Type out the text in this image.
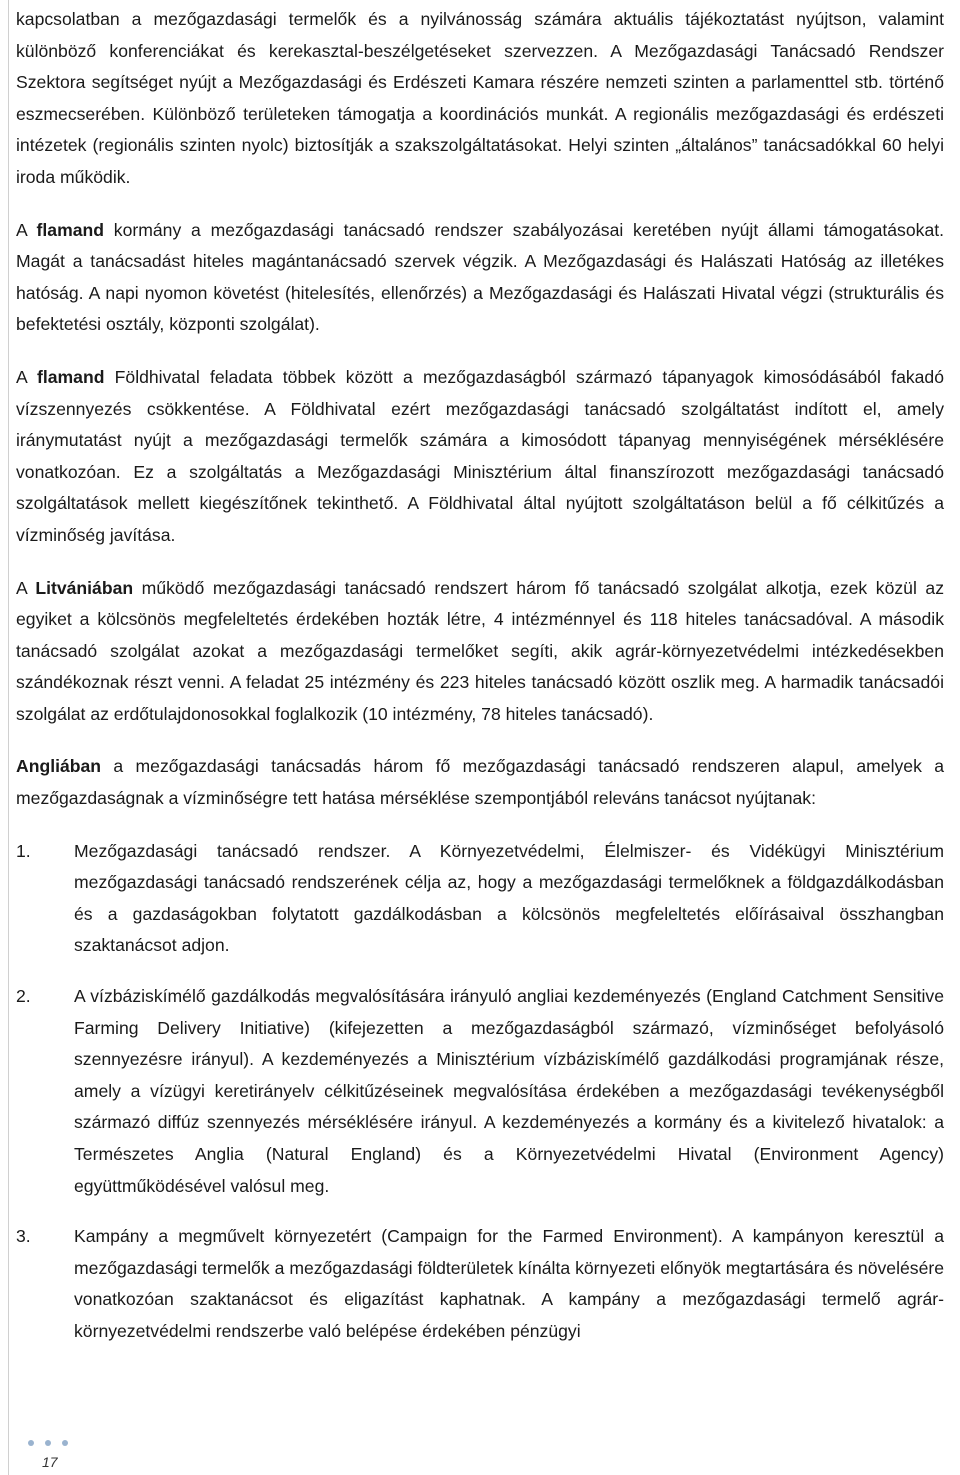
kapcsolatban a mezőgazdasági termelők és a nyilvánosság számára aktuális tájékoztatást nyújtson, valamint különböző konferenciákat és kerekasztal-beszélgetéseket szervezzen. A Mezőgazdasági Tanácsadó Rendszer Szektora segítséget nyújt a Mezőgazdasági és Erdészeti Kamara részére nemzeti szinten a parlamenttel stb. történő eszmecserében. Különböző területeken támogatja a koordinációs munkát. A regionális mezőgazdasági és erdészeti intézetek (regionális szinten nyolc) biztosítják a szakszolgáltatásokat. Helyi szinten „általános” tanácsadókkal 60 helyi iroda működik.

A flamand kormány a mezőgazdasági tanácsadó rendszer szabályozásai keretében nyújt állami támogatásokat. Magát a tanácsadást hiteles magántanácsadó szervek végzik. A Mezőgazdasági és Halászati Hatóság az illetékes hatóság. A napi nyomon követést (hitelesítés, ellenőrzés) a Mezőgazdasági és Halászati Hivatal végzi (strukturális és befektetési osztály, központi szolgálat).

A flamand Földhivatal feladata többek között a mezőgazdaságból származó tápanyagok kimosódásából fakadó vízszennyezés csökkentése. A Földhivatal ezért mezőgazdasági tanácsadó szolgáltatást indított el, amely iránymutatást nyújt a mezőgazdasági termelők számára a kimosódott tápanyag mennyiségének mérséklésére vonatkozóan. Ez a szolgáltatás a Mezőgazdasági Minisztérium által finanszírozott mezőgazdasági tanácsadó szolgáltatások mellett kiegészítőnek tekinthető. A Földhivatal által nyújtott szolgáltatáson belül a fő célkitűzés a vízminőség javítása.

A Litvániában működő mezőgazdasági tanácsadó rendszert három fő tanácsadó szolgálat alkotja, ezek közül az egyiket a kölcsönös megfeleltetés érdekében hozták létre, 4 intézménnyel és 118 hiteles tanácsadóval. A második tanácsadó szolgálat azokat a mezőgazdasági termelőket segíti, akik agrár-környezetvédelmi intézkedésekben szándékoznak részt venni. A feladat 25 intézmény és 223 hiteles tanácsadó között oszlik meg. A harmadik tanácsadói szolgálat az erdőtulajdonosokkal foglalkozik (10 intézmény, 78 hiteles tanácsadó).

Angliában a mezőgazdasági tanácsadás három fő mezőgazdasági tanácsadó rendszeren alapul, amelyek a mezőgazdaságnak a vízminőségre tett hatása mérséklése szempontjából releváns tanácsot nyújtanak:

1. Mezőgazdasági tanácsadó rendszer. A Környezetvédelmi, Élelmiszer- és Vidékügyi Minisztérium mezőgazdasági tanácsadó rendszerének célja az, hogy a mezőgazdasági termelőknek a földgazdálkodásban és a gazdaságokban folytatott gazdálkodásban a kölcsönös megfeleltetés előírásaival összhangban szaktanácsot adjon.
2. A vízbáziskímélő gazdálkodás megvalósítására irányuló angliai kezdeményezés (England Catchment Sensitive Farming Delivery Initiative) (kifejezetten a mezőgazdaságból származó, vízminőséget befolyásoló szennyezésre irányul). A kezdeményezés a Minisztérium vízbáziskímélő gazdálkodási programjának része, amely a vízügyi keretirányelv célkitűzéseinek megvalósítása érdekében a mezőgazdasági tevékenységből származó diffúz szennyezés mérséklésére irányul. A kezdeményezés a kormány és a kivitelező hivatalok: a Természetes Anglia (Natural England) és a Környezetvédelmi Hivatal (Environment Agency) együttműködésével valósul meg.
3. Kampány a megművelt környezetért (Campaign for the Farmed Environment). A kampányon keresztül a mezőgazdasági termelők a mezőgazdasági földterületek kínálta környezeti előnyök megtartására és növelésére vonatkozóan szaktanácsot és eligazítást kaphatnak. A kampány a mezőgazdasági termelő agrár-környezetvédelmi rendszerbe való belépése érdekében pénzügyi
17
